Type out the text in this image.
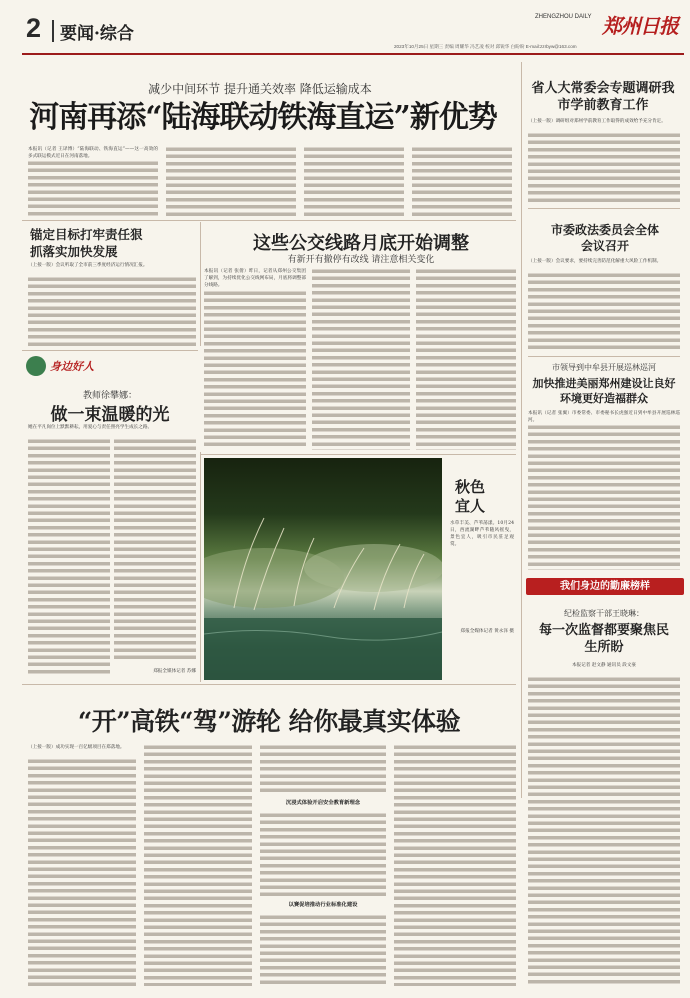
2 要闻·综合
ZHENGZHOU DAILY 郑州日报
2023年10月25日 星期三 责编 周耀华 冯艺凌 校对 邱锐华 白盼盼 E-mail:zzrbyw@163.com
减少中间环节 提升通关效率 降低运输成本
河南再添“陆海联动铁海直运”新优势
本报讯（记者 王译博）“陆海联动、铁海直运”——这一高效的多式联运模式近日在河南落地。
省人大常委会专题调研我市学前教育工作
（上接一版）调研组对郑州学前教育工作取得的成效给予充分肯定。
市委政法委员会全体会议召开
（上接一版）会议要求，要持续完善防范化解重大风险工作机制。
市领导到中牟县开展巡林巡河
加快推进美丽郑州建设让良好环境更好造福群众
本报讯（记者 张翼）市委常委、市委秘书长虎强近日到中牟县开展巡林巡河。
我们身边的勤廉榜样
纪检监察干部王晓琳：
每一次监督都要聚焦民生所盼
本报记者 赵文静 通讯员 段文豪
锚定目标打牢责任狠抓落实加快发展
（上接一版）会议听取了全市前三季度经济运行情况汇报。
这些公交线路月底开始调整
有新开有撤停有改线 请注意相关变化
本报讯（记者 张倩）昨日，记者从郑州公交集团了解到，为持续优化公交线网布局，月底将调整部分线路。
身边好人
教师徐攀娜：
做一束温暖的光
她在平凡岗位上默默耕耘，用爱心与责任照亮学生成长之路。
郑报全媒体记者 苏娜
秋色宜人
水草丰美、芦苇荡漾。10月24日，西流湖畔芦苇随风摇曳，景色宜人，吸引市民驻足观赏。
郑报全媒体记者 黄永泽 摄
“开”高铁“驾”游轮 给你最真实体验
（上接一版）成功实现一百亿级项目在郑落地。
沉浸式体验开启安全教育新理念
以赛促培推动行业标准化建设
